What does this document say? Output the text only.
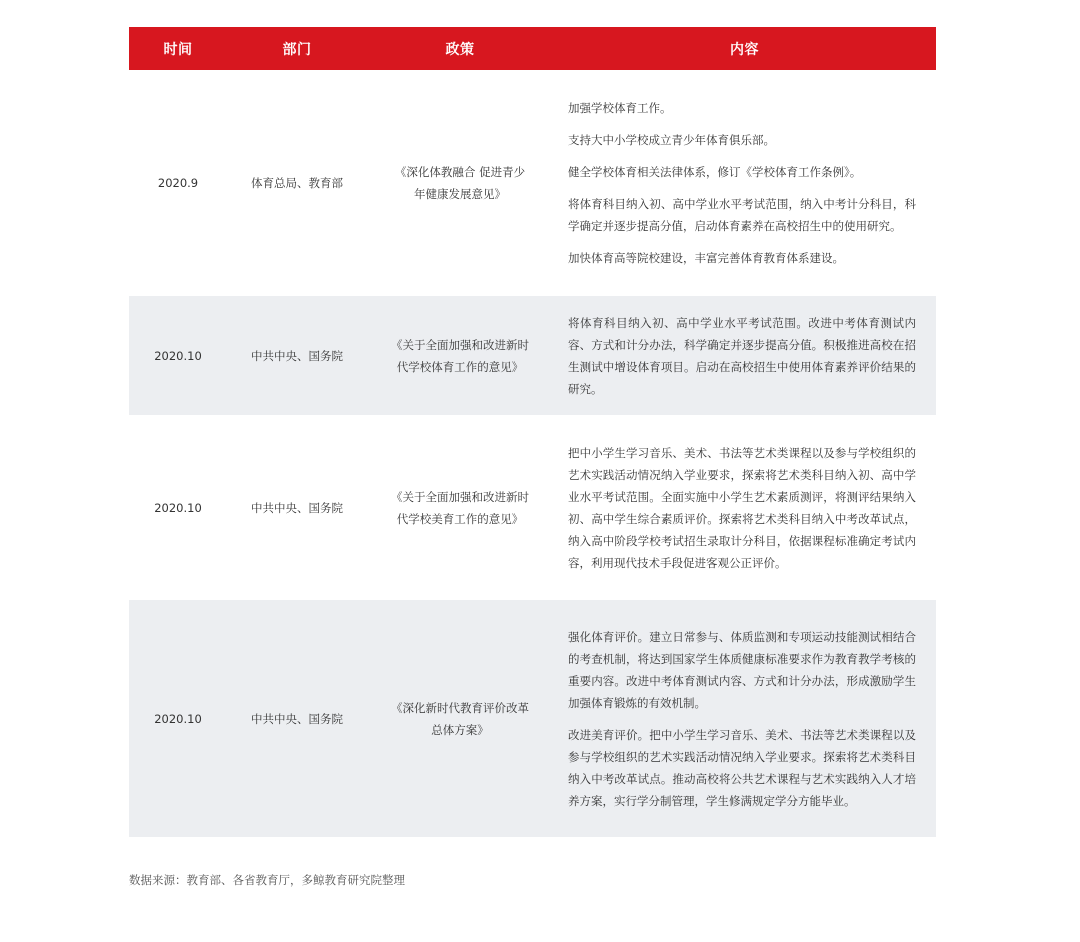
时间	部门	政策	内容
2020.9	体育总局、教育部	《深化体教融合 促进青少年健康发展意见》	加强学校体育工作。

支持大中小学校成立青少年体育俱乐部。

健全学校体育相关法律体系，修订《学校体育工作条例》。

将体育科目纳入初、高中学业水平考试范围，纳入中考计分科目，科学确定并逐步提高分值，启动体育素养在高校招生中的使用研究。

加快体育高等院校建设，丰富完善体育教育体系建设。

2020.10	中共中央、国务院	《关于全面加强和改进新时代学校体育工作的意见》	将体育科目纳入初、高中学业水平考试范围。改进中考体育测试内容、方式和计分办法，科学确定并逐步提高分值。积极推进高校在招生测试中增设体育项目。启动在高校招生中使用体育素养评价结果的研究。

2020.10	中共中央、国务院	《关于全面加强和改进新时代学校美育工作的意见》	把中小学生学习音乐、美术、书法等艺术类课程以及参与学校组织的艺术实践活动情况纳入学业要求，探索将艺术类科目纳入初、高中学业水平考试范围。全面实施中小学生艺术素质测评，将测评结果纳入初、高中学生综合素质评价。探索将艺术类科目纳入中考改革试点，纳入高中阶段学校考试招生录取计分科目，依据课程标准确定考试内容，利用现代技术手段促进客观公正评价。

2020.10	中共中央、国务院	《深化新时代教育评价改革总体方案》	强化体育评价。建立日常参与、体质监测和专项运动技能测试相结合的考查机制，将达到国家学生体质健康标准要求作为教育教学考核的重要内容。改进中考体育测试内容、方式和计分办法，形成激励学生加强体育锻炼的有效机制。

改进美育评价。把中小学生学习音乐、美术、书法等艺术类课程以及参与学校组织的艺术实践活动情况纳入学业要求。探索将艺术类科目纳入中考改革试点。推动高校将公共艺术课程与艺术实践纳入人才培养方案，实行学分制管理，学生修满规定学分方能毕业。

数据来源：教育部、各省教育厅，多鲸教育研究院整理
